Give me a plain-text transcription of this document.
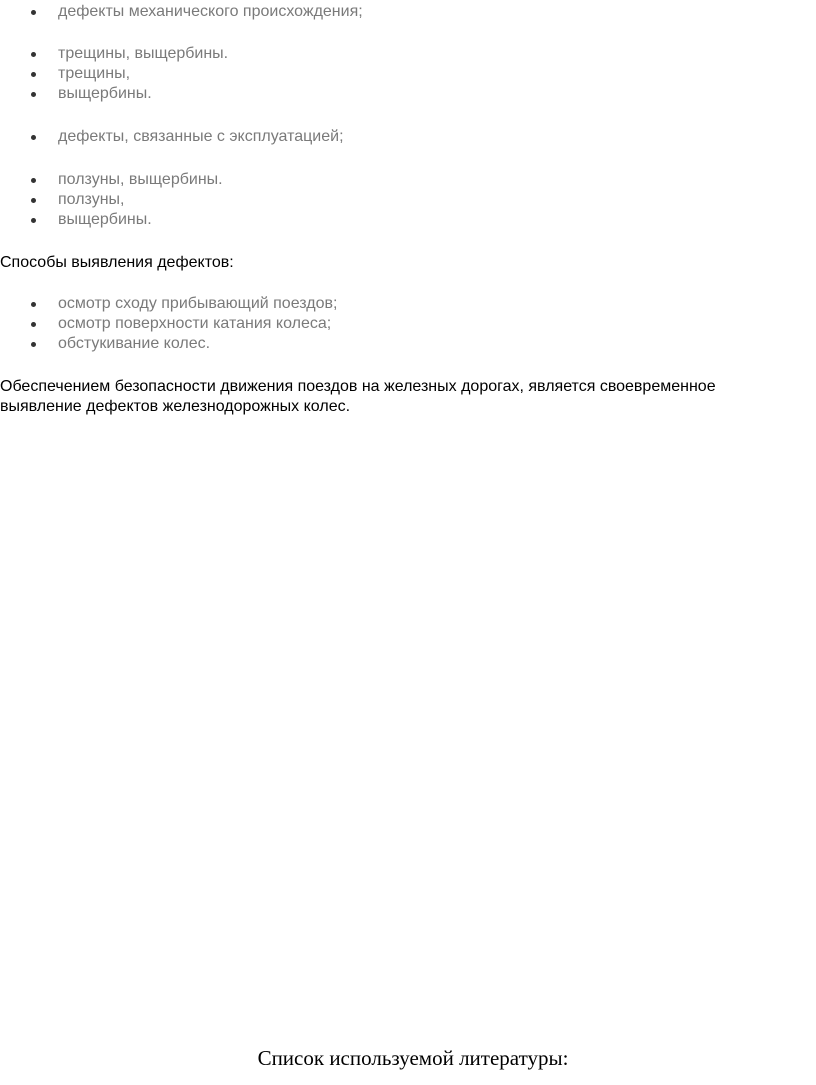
дефекты механического происхождения;
трещины, выщербины.
трещины,
выщербины.
дефекты, связанные с эксплуатацией;
ползуны, выщербины.
ползуны,
выщербины.

Способы выявления дефектов:

осмотр сходу прибывающий поездов;
осмотр поверхности катания колеса;
обстукивание колес.

Обеспечением безопасности движения поездов на железных дорогах, является своевременное

выявление дефектов железнодорожных колес.

Список используемой литературы:
